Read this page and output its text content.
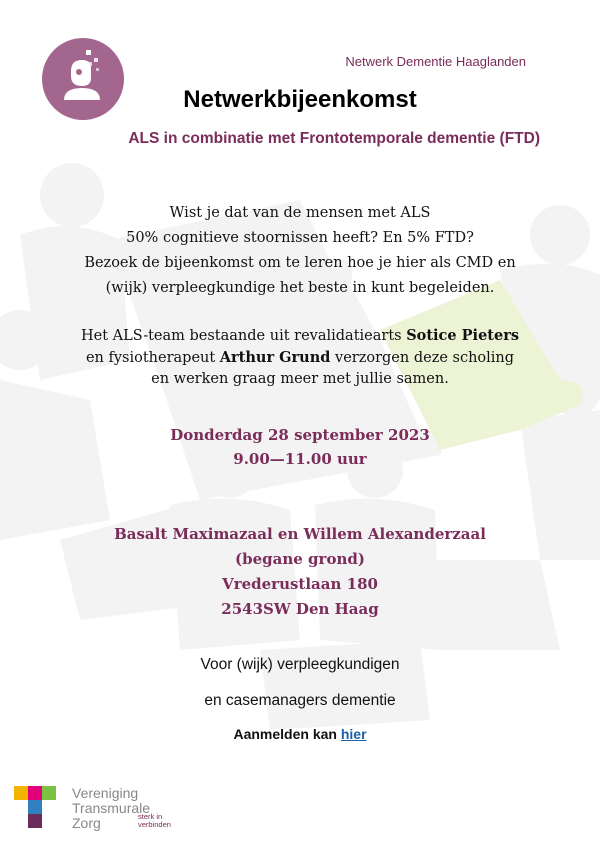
Netwerk Dementie Haaglanden
Netwerkbijeenkomst
ALS in combinatie met Frontotemporale dementie (FTD)
Wist je dat van de mensen met ALS
50% cognitieve stoornissen heeft? En 5% FTD?
Bezoek de bijeenkomst om te leren hoe je hier als CMD en
(wijk) verpleegkundige het beste in kunt begeleiden.
Het ALS-team bestaande uit revalidatiearts Sotice Pieters
en fysiotherapeut Arthur Grund verzorgen deze scholing
en werken graag meer met jullie samen.
Donderdag 28 september 2023
9.00—11.00 uur
Basalt Maximazaal en Willem Alexanderzaal
(begane grond)
Vrederustlaan 180
2543SW Den Haag
Voor (wijk) verpleegkundigen
en casemanagers dementie
Aanmelden kan hier
Vereniging
Transmurale
Zorg	sterk in
verbinden
